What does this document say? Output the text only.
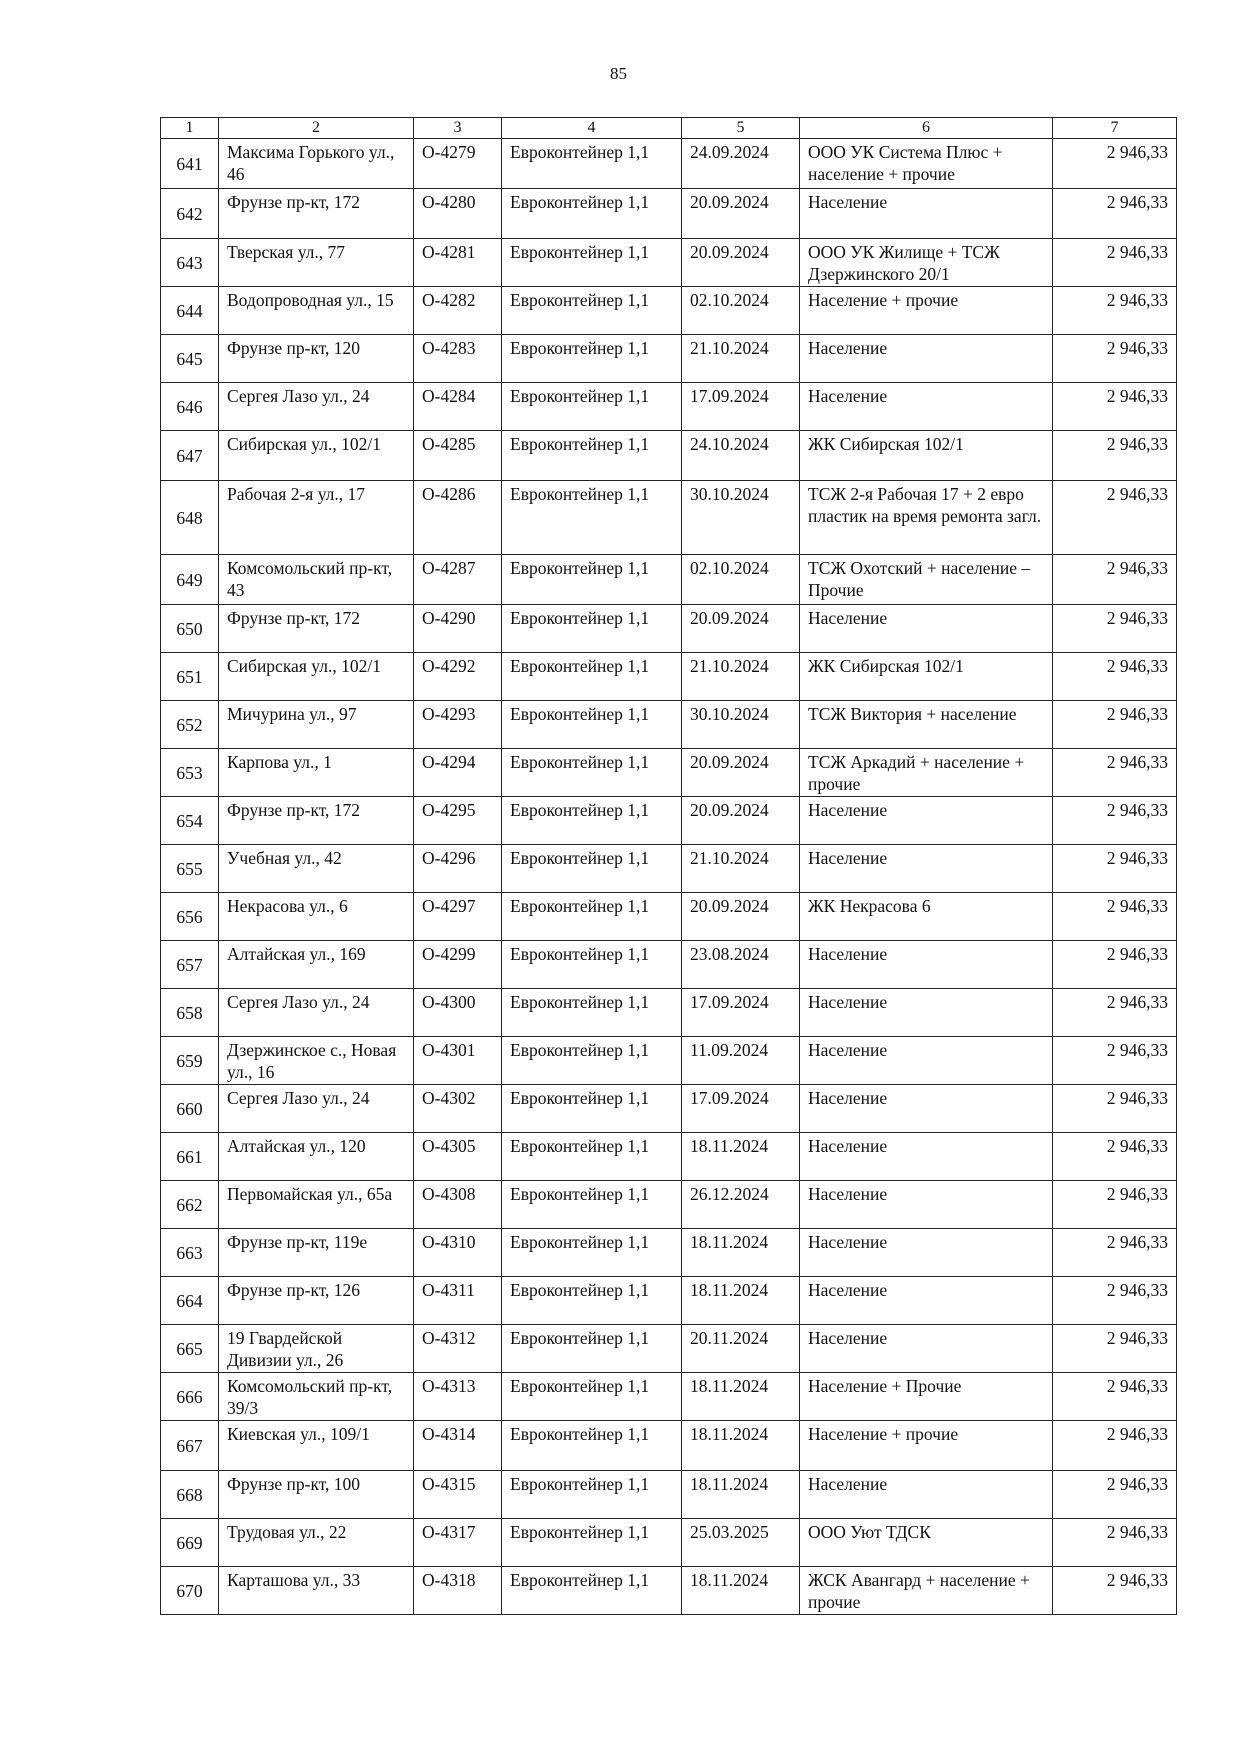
85
1	2	3	4	5	6	7
641	Максима Горького ул., 46	О-4279	Евроконтейнер 1,1	24.09.2024	ООО УК Система Плюс + население + прочие	2 946,33
642	Фрунзе пр-кт, 172	О-4280	Евроконтейнер 1,1	20.09.2024	Население	2 946,33
643	Тверская ул., 77	О-4281	Евроконтейнер 1,1	20.09.2024	ООО УК Жилище + ТСЖ Дзержинского 20/1	2 946,33
644	Водопроводная ул., 15	О-4282	Евроконтейнер 1,1	02.10.2024	Население + прочие	2 946,33
645	Фрунзе пр-кт, 120	О-4283	Евроконтейнер 1,1	21.10.2024	Население	2 946,33
646	Сергея Лазо ул., 24	О-4284	Евроконтейнер 1,1	17.09.2024	Население	2 946,33
647	Сибирская ул., 102/1	О-4285	Евроконтейнер 1,1	24.10.2024	ЖК Сибирская 102/1	2 946,33
648	Рабочая 2-я ул., 17	О-4286	Евроконтейнер 1,1	30.10.2024	ТСЖ 2-я Рабочая 17 + 2 евро пластик на время ремонта загл.	2 946,33
649	Комсомольский пр-кт, 43	О-4287	Евроконтейнер 1,1	02.10.2024	ТСЖ Охотский + население – Прочие	2 946,33
650	Фрунзе пр-кт, 172	О-4290	Евроконтейнер 1,1	20.09.2024	Население	2 946,33
651	Сибирская ул., 102/1	О-4292	Евроконтейнер 1,1	21.10.2024	ЖК Сибирская 102/1	2 946,33
652	Мичурина ул., 97	О-4293	Евроконтейнер 1,1	30.10.2024	ТСЖ Виктория + население	2 946,33
653	Карпова ул., 1	О-4294	Евроконтейнер 1,1	20.09.2024	ТСЖ Аркадий + население + прочие	2 946,33
654	Фрунзе пр-кт, 172	О-4295	Евроконтейнер 1,1	20.09.2024	Население	2 946,33
655	Учебная ул., 42	О-4296	Евроконтейнер 1,1	21.10.2024	Население	2 946,33
656	Некрасова ул., 6	О-4297	Евроконтейнер 1,1	20.09.2024	ЖК Некрасова 6	2 946,33
657	Алтайская ул., 169	О-4299	Евроконтейнер 1,1	23.08.2024	Население	2 946,33
658	Сергея Лазо ул., 24	О-4300	Евроконтейнер 1,1	17.09.2024	Население	2 946,33
659	Дзержинское с., Новая ул., 16	О-4301	Евроконтейнер 1,1	11.09.2024	Население	2 946,33
660	Сергея Лазо ул., 24	О-4302	Евроконтейнер 1,1	17.09.2024	Население	2 946,33
661	Алтайская ул., 120	О-4305	Евроконтейнер 1,1	18.11.2024	Население	2 946,33
662	Первомайская ул., 65а	О-4308	Евроконтейнер 1,1	26.12.2024	Население	2 946,33
663	Фрунзе пр-кт, 119е	О-4310	Евроконтейнер 1,1	18.11.2024	Население	2 946,33
664	Фрунзе пр-кт, 126	О-4311	Евроконтейнер 1,1	18.11.2024	Население	2 946,33
665	19 Гвардейской Дивизии ул., 26	О-4312	Евроконтейнер 1,1	20.11.2024	Население	2 946,33
666	Комсомольский пр-кт, 39/3	О-4313	Евроконтейнер 1,1	18.11.2024	Население + Прочие	2 946,33
667	Киевская ул., 109/1	О-4314	Евроконтейнер 1,1	18.11.2024	Население + прочие	2 946,33
668	Фрунзе пр-кт, 100	О-4315	Евроконтейнер 1,1	18.11.2024	Население	2 946,33
669	Трудовая ул., 22	О-4317	Евроконтейнер 1,1	25.03.2025	ООО Уют ТДСК	2 946,33
670	Карташова ул., 33	О-4318	Евроконтейнер 1,1	18.11.2024	ЖСК Авангард + население + прочие	2 946,33
